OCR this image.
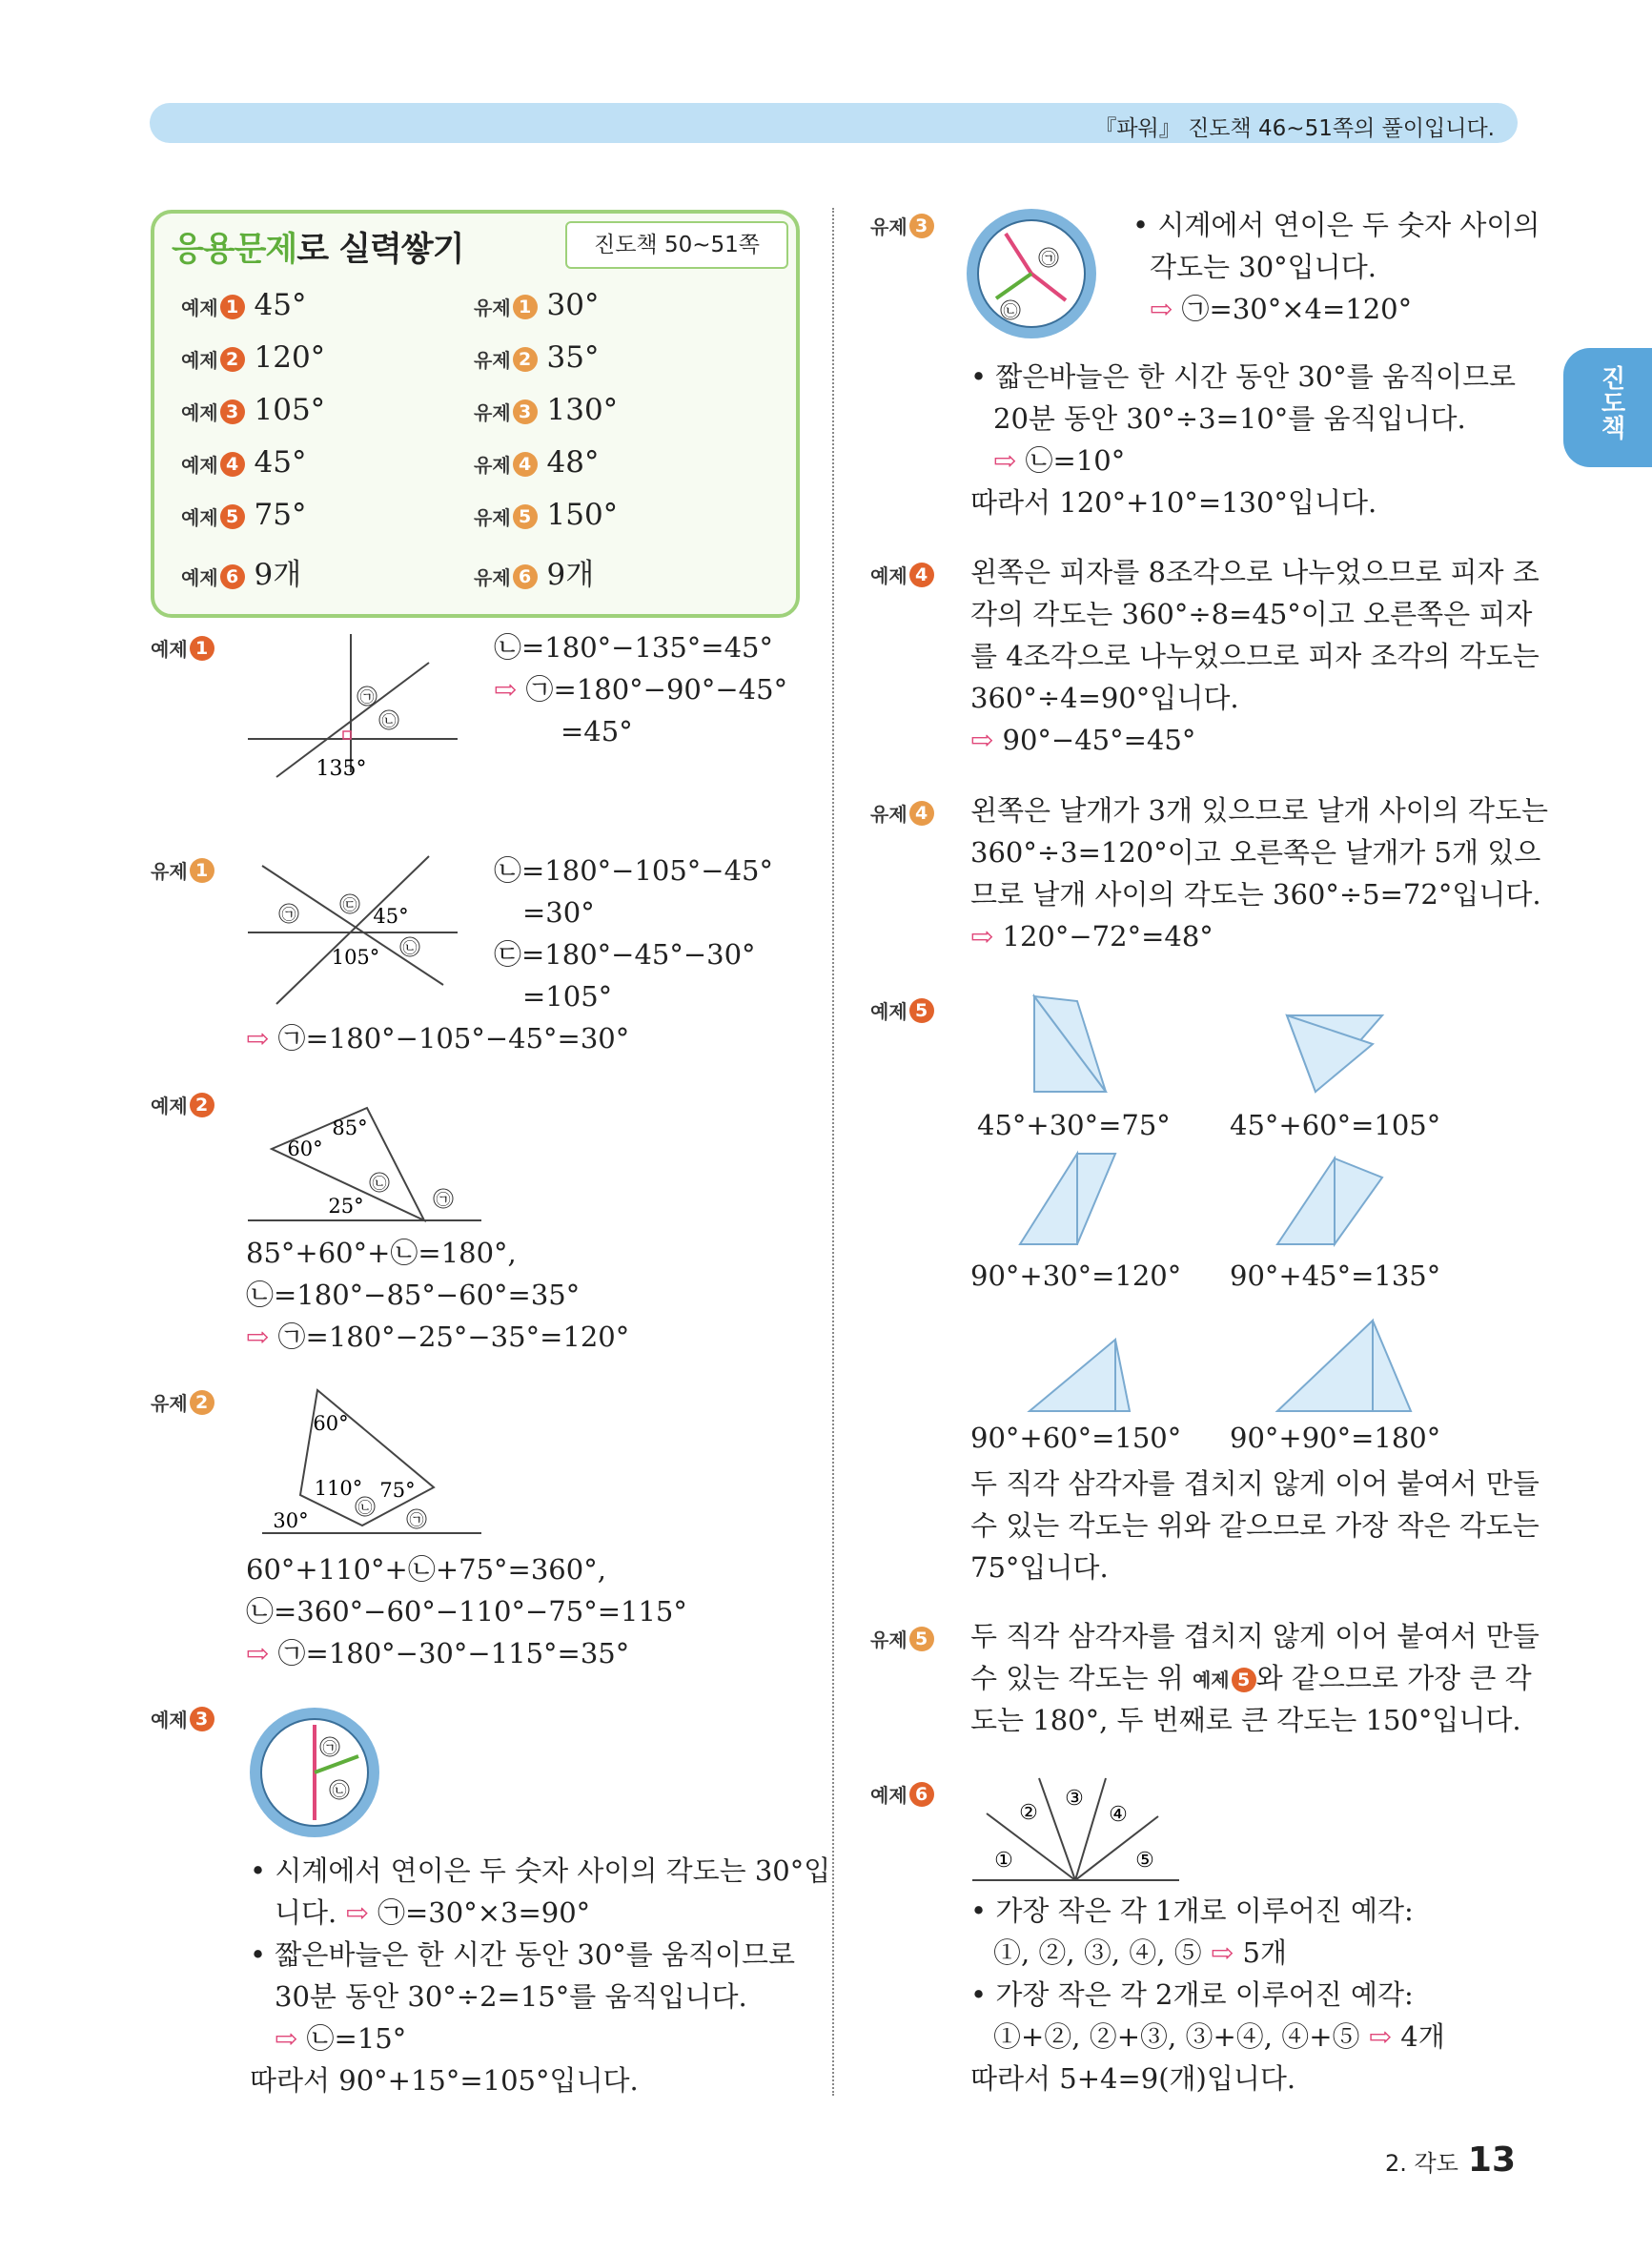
『파워』 진도책 46~51쪽의 풀이입니다.
진도책
응용문제로 실력쌓기	진도책 50~51쪽
예제 1 45°	유제 1 30°
예제 2 120°	유제 2 35°
예제 3 105°	유제 3 130°
예제 4 45°	유제 4 48°
예제 5 75°	유제 5 150°
예제 6 9개	유제 6 9개
예제 1
㉠
㉡
135°
㉡=180°−135°=45°
⇨ ㉠=180°−90°−45°
=45°
유제 1
㉠
㉢
㉡
45°
105°
㉡=180°−105°−45°
=30°
㉢=180°−45°−30°
=105°
⇨ ㉠=180°−105°−45°=30°
예제 2
85°
60°
25°
㉡
㉠
85°+60°+㉡=180°,
㉡=180°−85°−60°=35°
⇨ ㉠=180°−25°−35°=120°
유제 2
60°
110° 75°
30°
㉡
㉠
60°+110°+㉡+75°=360°,
㉡=360°−60°−110°−75°=115°
⇨ ㉠=180°−30°−115°=35°
예제 3
㉠
㉡
• 시계에서 연이은 두 숫자 사이의 각도는 30°입
니다. ⇨ ㉠=30°×3=90°
• 짧은바늘은 한 시간 동안 30°를 움직이므로
30분 동안 30°÷2=15°를 움직입니다.
⇨ ㉡=15°
따라서 90°+15°=105°입니다.
유제 3
㉠
㉡
• 시계에서 연이은 두 숫자 사이의
각도는 30°입니다.
⇨ ㉠=30°×4=120°
• 짧은바늘은 한 시간 동안 30°를 움직이므로
20분 동안 30°÷3=10°를 움직입니다.
⇨ ㉡=10°
따라서 120°+10°=130°입니다.
예제 4 왼쪽은 피자를 8조각으로 나누었으므로 피자 조
각의 각도는 360°÷8=45°이고 오른쪽은 피자
를 4조각으로 나누었으므로 피자 조각의 각도는
360°÷4=90°입니다.
⇨ 90°−45°=45°
유제 4 왼쪽은 날개가 3개 있으므로 날개 사이의 각도는
360°÷3=120°이고 오른쪽은 날개가 5개 있으
므로 날개 사이의 각도는 360°÷5=72°입니다.
⇨ 120°−72°=48°
예제 5
45°+30°=75° 45°+60°=105°
90°+30°=120° 90°+45°=135°
90°+60°=150° 90°+90°=180°
두 직각 삼각자를 겹치지 않게 이어 붙여서 만들
수 있는 각도는 위와 같으므로 가장 작은 각도는
75°입니다.
유제 5 두 직각 삼각자를 겹치지 않게 이어 붙여서 만들
수 있는 각도는 위 예제 5 와 같으므로 가장 큰 각
도는 180°, 두 번째로 큰 각도는 150°입니다.
예제 6
①
②
③
④
⑤
• 가장 작은 각 1개로 이루어진 예각:
①, ②, ③, ④, ⑤ ⇨ 5개
• 가장 작은 각 2개로 이루어진 예각:
①+②, ②+③, ③+④, ④+⑤ ⇨ 4개
따라서 5+4=9(개)입니다.
2. 각도 13
